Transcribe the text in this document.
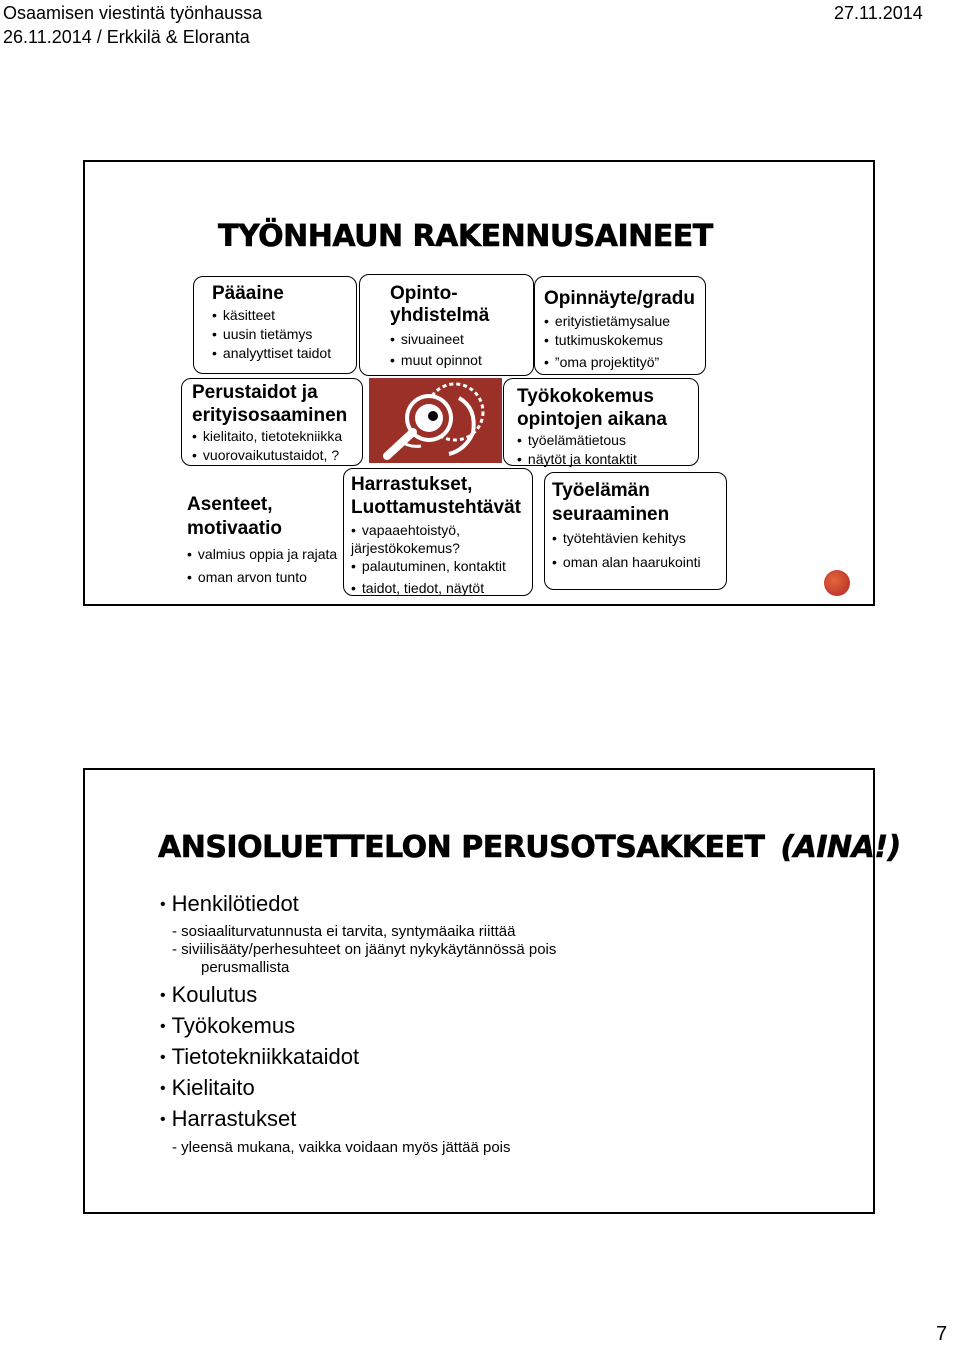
Osaamisen viestintä työnhaussa	27.11.2014
26.11.2014 / Erkkilä & Eloranta
TYÖNHAUN RAKENNUSAINEET
Pääaine
• käsitteet
• uusin tietämys
• analyyttiset taidot
Opinto-
yhdistelmä
• sivuaineet
• muut opinnot
Opinnäyte/gradu
• erityistietämysalue
• tutkimuskokemus
• ”oma projektityö”
Perustaidot ja
erityisosaaminen
• kielitaito, tietotekniikka
• vuorovaikutustaidot, ?
Työkokokemus
opintojen aikana
• työelämätietous
• näytöt ja kontaktit
Asenteet,
motivaatio
• valmius oppia ja rajata
• oman arvon tunto
Harrastukset,
Luottamustehtävät
• vapaaehtoistyö,
järjestökokemus?
• palautuminen, kontaktit
• taidot, tiedot, näytöt
Työelämän
seuraaminen
• työtehtävien kehitys
• oman alan haarukointi
ANSIOLUETTELON PERUSOTSAKKEET (AINA!)
• Henkilötiedot
- sosiaaliturvatunnusta ei tarvita, syntymäaika riittää
- siviilisääty/perhesuhteet on jäänyt nykykäytännössä pois
perusmallista
• Koulutus
• Työkokemus
• Tietotekniikkataidot
• Kielitaito
• Harrastukset
- yleensä mukana, vaikka voidaan myös jättää pois
7
